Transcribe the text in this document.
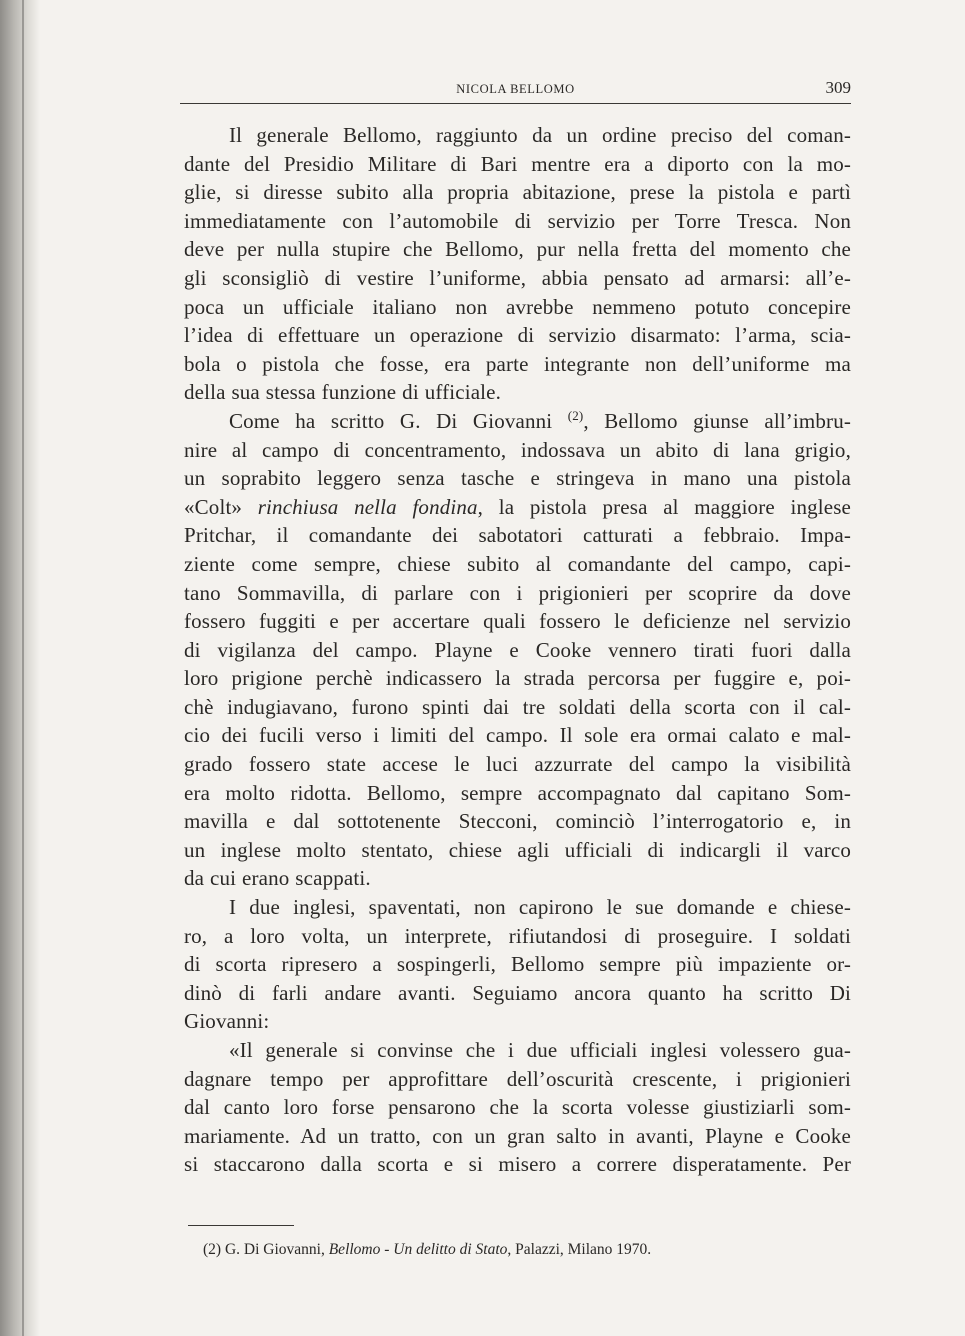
NICOLA BELLOMO	309
Il generale Bellomo, raggiunto da un ordine preciso del coman-
dante del Presidio Militare di Bari mentre era a diporto con la mo-
glie, si diresse subito alla propria abitazione, prese la pistola e partì
immediatamente con l’automobile di servizio per Torre Tresca. Non
deve per nulla stupire che Bellomo, pur nella fretta del momento che
gli sconsigliò di vestire l’uniforme, abbia pensato ad armarsi: all’e-
poca un ufficiale italiano non avrebbe nemmeno potuto concepire
l’idea di effettuare un operazione di servizio disarmato: l’arma, scia-
bola o pistola che fosse, era parte integrante non dell’uniforme ma
della sua stessa funzione di ufficiale.
Come ha scritto G. Di Giovanni $^{(2)}$, Bellomo giunse all’imbru-
nire al campo di concentramento, indossava un abito di lana grigio,
un soprabito leggero senza tasche e stringeva in mano una pistola
«Colt» rinchiusa nella fondina, la pistola presa al maggiore inglese
Pritchar, il comandante dei sabotatori catturati a febbraio. Impa-
ziente come sempre, chiese subito al comandante del campo, capi-
tano Sommavilla, di parlare con i prigionieri per scoprire da dove
fossero fuggiti e per accertare quali fossero le deficienze nel servizio
di vigilanza del campo. Playne e Cooke vennero tirati fuori dalla
loro prigione perchè indicassero la strada percorsa per fuggire e, poi-
chè indugiavano, furono spinti dai tre soldati della scorta con il cal-
cio dei fucili verso i limiti del campo. Il sole era ormai calato e mal-
grado fossero state accese le luci azzurrate del campo la visibilità
era molto ridotta. Bellomo, sempre accompagnato dal capitano Som-
mavilla e dal sottotenente Stecconi, cominciò l’interrogatorio e, in
un inglese molto stentato, chiese agli ufficiali di indicargli il varco
da cui erano scappati.
I due inglesi, spaventati, non capirono le sue domande e chiese-
ro, a loro volta, un interprete, rifiutandosi di proseguire. I soldati
di scorta ripresero a sospingerli, Bellomo sempre più impaziente or-
dinò di farli andare avanti. Seguiamo ancora quanto ha scritto Di
Giovanni:
«Il generale si convinse che i due ufficiali inglesi volessero gua-
dagnare tempo per approfittare dell’oscurità crescente, i prigionieri
dal canto loro forse pensarono che la scorta volesse giustiziarli som-
mariamente. Ad un tratto, con un gran salto in avanti, Playne e Cooke
si staccarono dalla scorta e si misero a correre disperatamente. Per
(2) G. Di Giovanni, Bellomo - Un delitto di Stato, Palazzi, Milano 1970.
